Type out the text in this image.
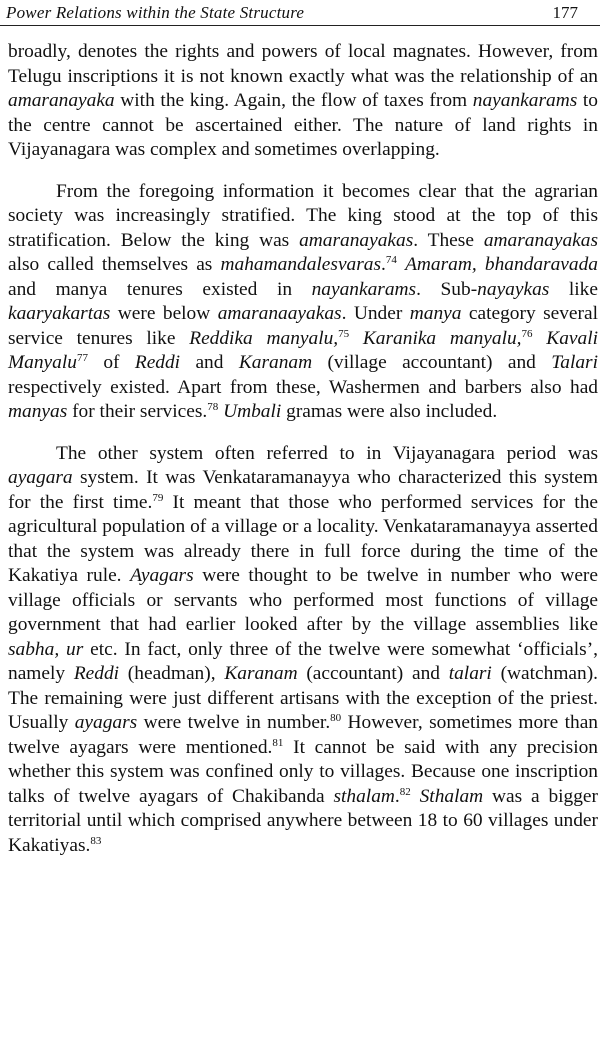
Power Relations within the State Structure	177

broadly, denotes the rights and powers of local magnates. However, from Telugu inscriptions it is not known exactly what was the relationship of an amaranayaka with the king. Again, the flow of taxes from nayankarams to the centre cannot be ascertained either. The nature of land rights in Vijayanagara was complex and sometimes overlapping.

From the foregoing information it becomes clear that the agrarian society was increasingly stratified. The king stood at the top of this stratification. Below the king was amaranayakas. These amaranayakas also called themselves as mahamandalesvaras.$^{74}$ Amaram, bhandaravada and manya tenures existed in nayankarams. Sub-nayaykas like kaaryakartas were below amaranaayakas. Under manya category several service tenures like Reddika manyalu,$^{75}$ Karanika manyalu,$^{76}$ Kavali Manyalu$^{77}$ of Reddi and Karanam (village accountant) and Talari respectively existed. Apart from these, Washermen and barbers also had manyas for their services.$^{78}$ Umbali gramas were also included.

The other system often referred to in Vijayanagara period was ayagara system. It was Venkataramanayya who characterized this system for the first time.$^{79}$ It meant that those who performed services for the agricultural population of a village or a locality. Venkataramanayya asserted that the system was already there in full force during the time of the Kakatiya rule. Ayagars were thought to be twelve in number who were village officials or servants who performed most functions of village government that had earlier looked after by the village assemblies like sabha, ur etc. In fact, only three of the twelve were somewhat ‘officials’, namely Reddi (headman), Karanam (accountant) and talari (watchman). The remaining were just different artisans with the exception of the priest. Usually ayagars were twelve in number.$^{80}$ However, sometimes more than twelve ayagars were mentioned.$^{81}$ It cannot be said with any precision whether this system was confined only to villages. Because one inscription talks of twelve ayagars of Chakibanda sthalam.$^{82}$ Sthalam was a bigger territorial until which comprised anywhere between 18 to 60 villages under Kakatiyas.$^{83}$
